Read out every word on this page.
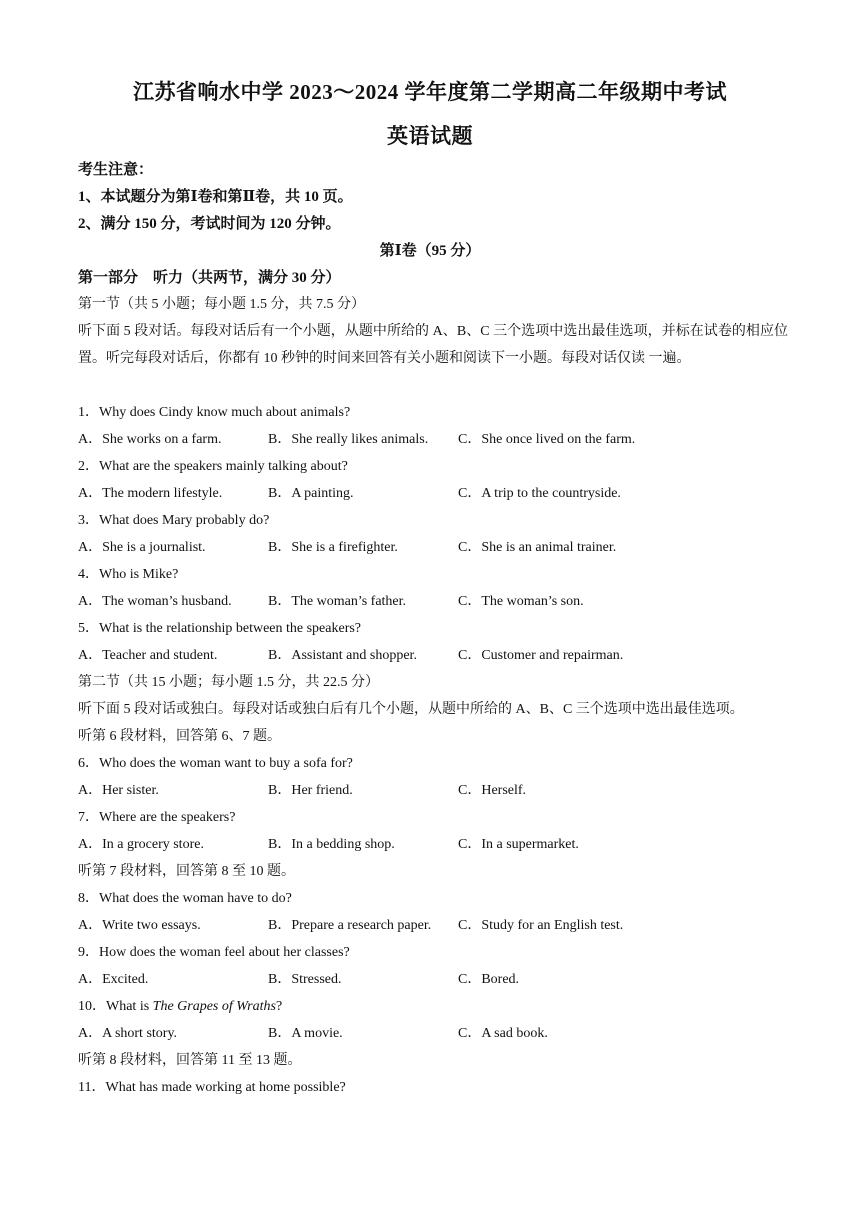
江苏省响水中学 2023～2024 学年度第二学期高二年级期中考试
英语试题
考生注意：
1、本试题分为第Ⅰ卷和第Ⅱ卷，共 10 页。
2、满分 150 分，考试时间为 120 分钟。
第Ⅰ卷（95 分）
第一部分　听力（共两节，满分 30 分）
第一节（共 5 小题；每小题 1.5 分，共 7.5 分）
听下面 5 段对话。每段对话后有一个小题，从题中所给的 A、B、C 三个选项中选出最佳选项，并标在试卷的相应位置。听完每段对话后，你都有 10 秒钟的时间来回答有关小题和阅读下一小题。每段对话仅读 一遍。
1．Why does Cindy know much about animals?
A．She works on a farm.	B．She really likes animals. C．She once lived on the farm.
2．What are the speakers mainly talking about?
A．The modern lifestyle.	B．A painting.	C．A trip to the countryside.
3．What does Mary probably do?
A．She is a journalist.	B．She is a firefighter.	C．She is an animal trainer.
4．Who is Mike?
A．The woman’s husband.	B．The woman’s father.	C．The woman’s son.
5．What is the relationship between the speakers?
A．Teacher and student.	B．Assistant and shopper.	C．Customer and repairman.
第二节（共 15 小题；每小题 1.5 分，共 22.5 分）
听下面 5 段对话或独白。每段对话或独白后有几个小题，从题中所给的 A、B、C 三个选项中选出最佳选项。
听第 6 段材料，回答第 6、7 题。
6．Who does the woman want to buy a sofa for?
A．Her sister.	B．Her friend.	C．Herself.
7．Where are the speakers?
A．In a grocery store.	B．In a bedding shop.	C．In a supermarket.
听第 7 段材料，回答第 8 至 10 题。
8．What does the woman have to do?
A．Write two essays.	B．Prepare a research paper. C．Study for an English test.
9．How does the woman feel about her classes?
A．Excited.	B．Stressed.	C．Bored.
10．What is The Grapes of Wraths?
A．A short story.	B．A movie.	C．A sad book.
听第 8 段材料，回答第 11 至 13 题。
11．What has made working at home possible?
